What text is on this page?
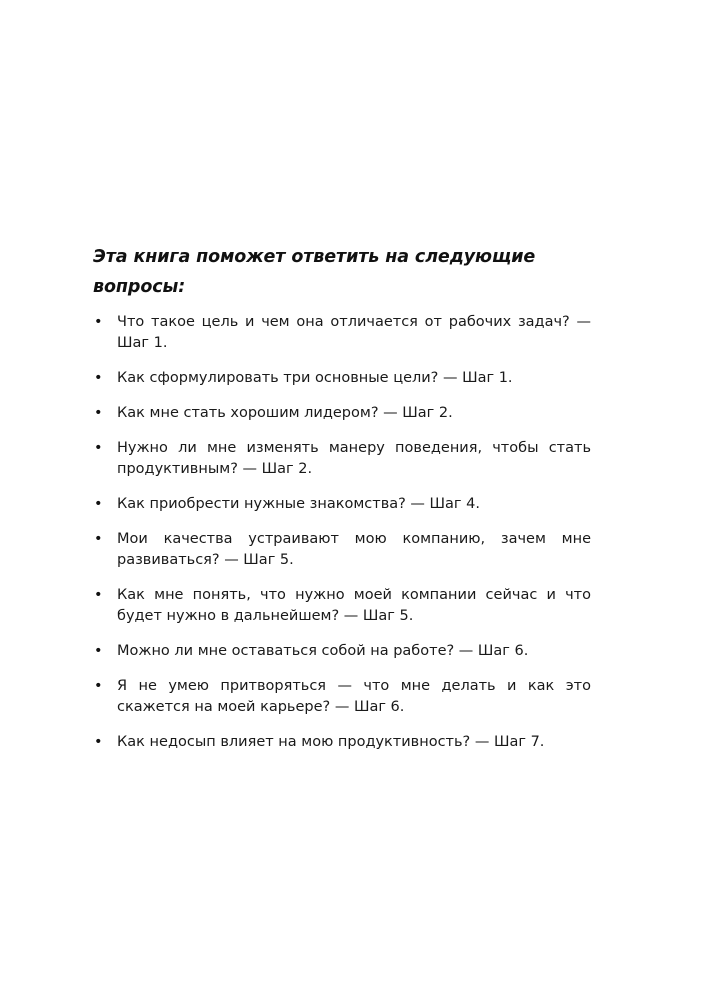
Эта книга поможет ответить на следующие вопросы:
• Что такое цель и чем она отличается от рабочих задач? — Шаг 1.
• Как сформулировать три основные цели? — Шаг 1.
• Как мне стать хорошим лидером? — Шаг 2.
• Нужно ли мне изменять манеру поведения, чтобы стать продуктивным? — Шаг 2.
• Как приобрести нужные знакомства? — Шаг 4.
• Мои качества устраивают мою компанию, зачем мне развиваться? — Шаг 5.
• Как мне понять, что нужно моей компании сейчас и что будет нужно в дальнейшем? — Шаг 5.
• Можно ли мне оставаться собой на работе? — Шаг 6.
• Я не умею притворяться — что мне делать и как это скажется на моей карьере? — Шаг 6.
• Как недосып влияет на мою продуктивность? — Шаг 7.
